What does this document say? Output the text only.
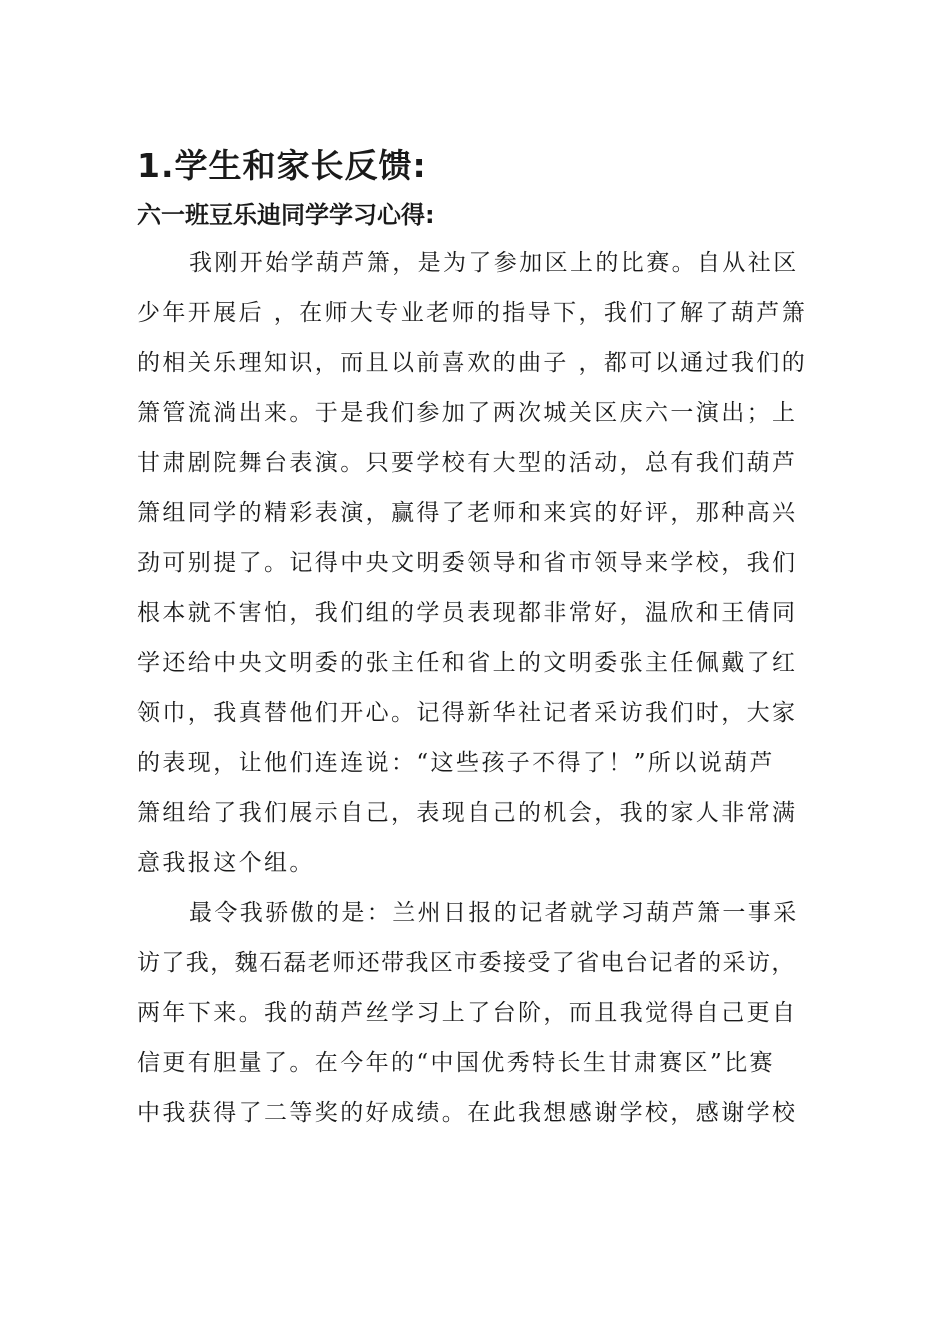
1.学生和家长反馈:
六一班豆乐迪同学学习心得:

我刚开始学葫芦箫，是为了参加区上的比赛。自从社区

少年开展后 ，在师大专业老师的指导下，我们了解了葫芦箫

的相关乐理知识，而且以前喜欢的曲子 ，都可以通过我们的

箫管流淌出来。于是我们参加了两次城关区庆六一演出；上

甘肃剧院舞台表演。只要学校有大型的活动，总有我们葫芦

箫组同学的精彩表演，赢得了老师和来宾的好评，那种高兴

劲可别提了。记得中央文明委领导和省市领导来学校，我们

根本就不害怕，我们组的学员表现都非常好，温欣和王倩同

学还给中央文明委的张主任和省上的文明委张主任佩戴了红

领巾，我真替他们开心。记得新华社记者采访我们时，大家

的表现，让他们连连说：“这些孩子不得了！”所以说葫芦

箫组给了我们展示自己，表现自己的机会，我的家人非常满

意我报这个组。

最令我骄傲的是：兰州日报的记者就学习葫芦箫一事采

访了我，魏石磊老师还带我区市委接受了省电台记者的采访，

两年下来。我的葫芦丝学习上了台阶，而且我觉得自己更自

信更有胆量了。在今年的“中国优秀特长生甘肃赛区”比赛

中我获得了二等奖的好成绩。在此我想感谢学校，感谢学校
